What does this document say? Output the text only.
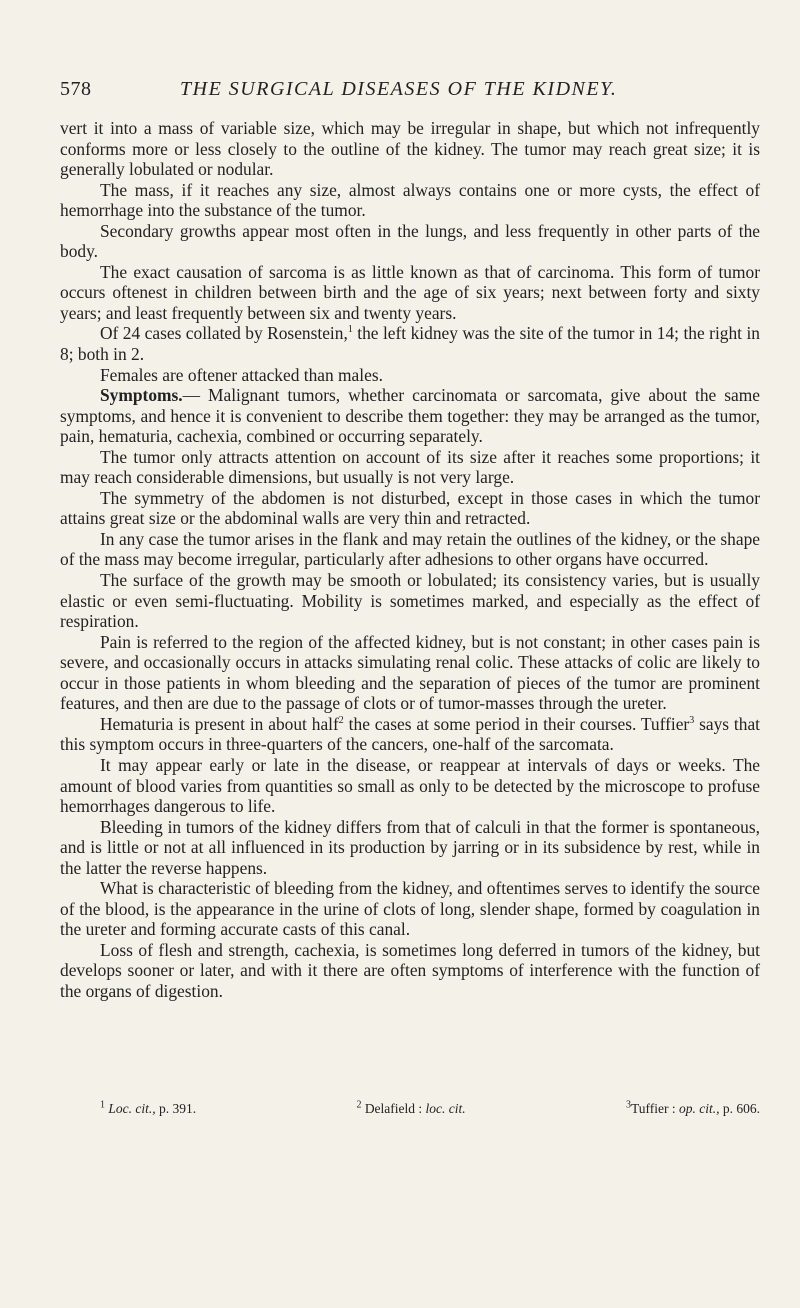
578	THE SURGICAL DISEASES OF THE KIDNEY.

vert it into a mass of variable size, which may be irregular in shape, but which not infrequently conforms more or less closely to the outline of the kidney. The tumor may reach great size; it is generally lobulated or nodular.

The mass, if it reaches any size, almost always contains one or more cysts, the effect of hemorrhage into the substance of the tumor.

Secondary growths appear most often in the lungs, and less frequently in other parts of the body.

The exact causation of sarcoma is as little known as that of carcinoma. This form of tumor occurs oftenest in children between birth and the age of six years; next between forty and sixty years; and least frequently between six and twenty years.

Of 24 cases collated by Rosenstein,$^1$ the left kidney was the site of the tumor in 14; the right in 8; both in 2.

Females are oftener attacked than males.

Symptoms.— Malignant tumors, whether carcinomata or sarcomata, give about the same symptoms, and hence it is convenient to describe them together: they may be arranged as the tumor, pain, hematuria, cachexia, combined or occurring separately.

The tumor only attracts attention on account of its size after it reaches some proportions; it may reach considerable dimensions, but usually is not very large.

The symmetry of the abdomen is not disturbed, except in those cases in which the tumor attains great size or the abdominal walls are very thin and retracted.

In any case the tumor arises in the flank and may retain the outlines of the kidney, or the shape of the mass may become irregular, particularly after adhesions to other organs have occurred.

The surface of the growth may be smooth or lobulated; its consistency varies, but is usually elastic or even semi-fluctuating. Mobility is sometimes marked, and especially as the effect of respiration.

Pain is referred to the region of the affected kidney, but is not constant; in other cases pain is severe, and occasionally occurs in attacks simulating renal colic. These attacks of colic are likely to occur in those patients in whom bleeding and the separation of pieces of the tumor are prominent features, and then are due to the passage of clots or of tumor-masses through the ureter.

Hematuria is present in about half$^2$ the cases at some period in their courses. Tuffier$^3$ says that this symptom occurs in three-quarters of the cancers, one-half of the sarcomata.

It may appear early or late in the disease, or reappear at intervals of days or weeks. The amount of blood varies from quantities so small as only to be detected by the microscope to profuse hemorrhages dangerous to life.

Bleeding in tumors of the kidney differs from that of calculi in that the former is spontaneous, and is little or not at all influenced in its production by jarring or in its subsidence by rest, while in the latter the reverse happens.

What is characteristic of bleeding from the kidney, and oftentimes serves to identify the source of the blood, is the appearance in the urine of clots of long, slender shape, formed by coagulation in the ureter and forming accurate casts of this canal.

Loss of flesh and strength, cachexia, is sometimes long deferred in tumors of the kidney, but develops sooner or later, and with it there are often symptoms of interference with the function of the organs of digestion.

$^1$ Loc. cit., p. 391.	$^2$ Delafield : loc. cit.	$^3$Tuffier : op. cit., p. 606.
